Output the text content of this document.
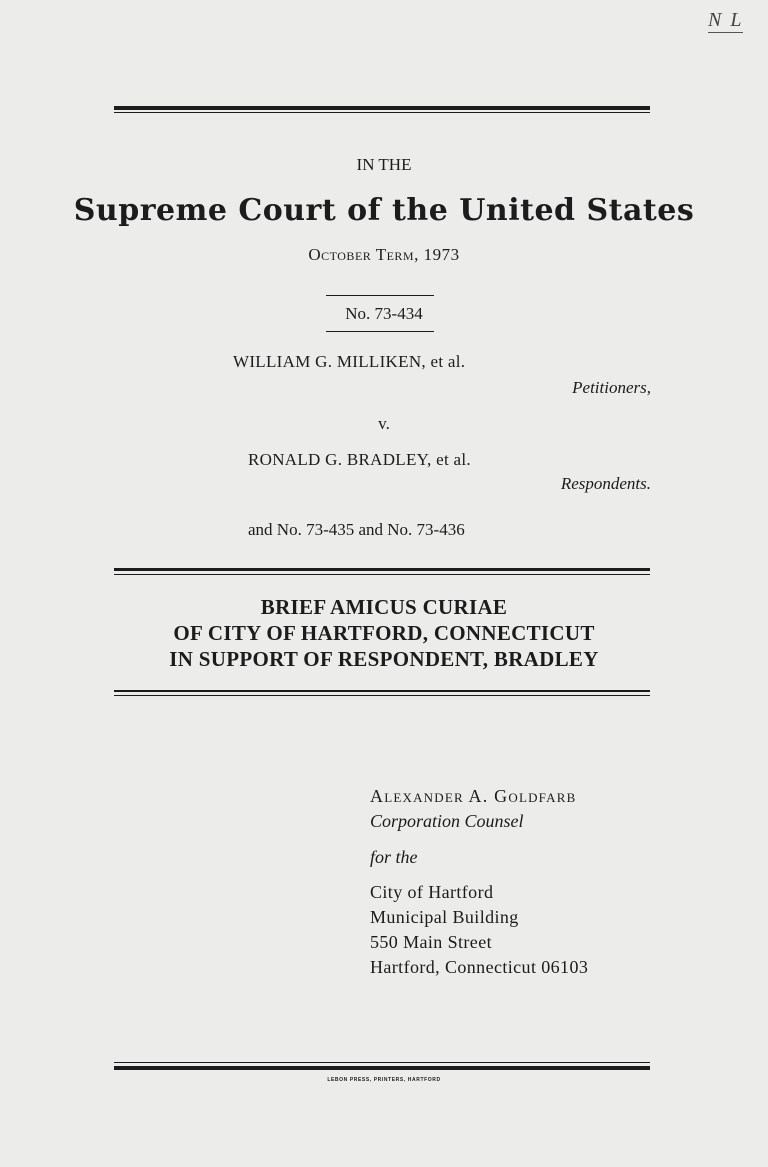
N L
IN THE
Supreme Court of the United States
October Term, 1973
No. 73-434
WILLIAM G. MILLIKEN, et al.
Petitioners,
v.
RONALD G. BRADLEY, et al.
Respondents.
and No. 73-435 and No. 73-436
BRIEF AMICUS CURIAE
OF CITY OF HARTFORD, CONNECTICUT
IN SUPPORT OF RESPONDENT, BRADLEY
Alexander A. Goldfarb
Corporation Counsel
for the
City of Hartford
Municipal Building
550 Main Street
Hartford, Connecticut 06103
LEBON PRESS, PRINTERS, HARTFORD
